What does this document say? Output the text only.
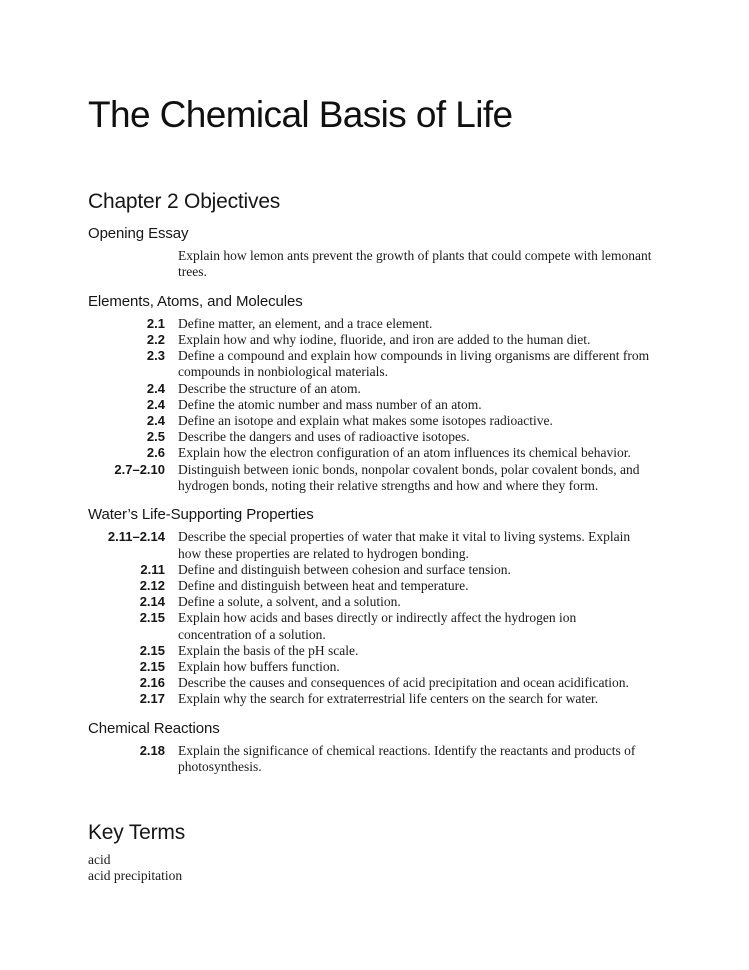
The Chemical Basis of Life
Chapter 2 Objectives
Opening Essay
Explain how lemon ants prevent the growth of plants that could compete with lemonant trees.
Elements, Atoms, and Molecules
2.1 Define matter, an element, and a trace element.
2.2 Explain how and why iodine, fluoride, and iron are added to the human diet.
2.3 Define a compound and explain how compounds in living organisms are different from compounds in nonbiological materials.
2.4 Describe the structure of an atom.
2.4 Define the atomic number and mass number of an atom.
2.4 Define an isotope and explain what makes some isotopes radioactive.
2.5 Describe the dangers and uses of radioactive isotopes.
2.6 Explain how the electron configuration of an atom influences its chemical behavior.
2.7–2.10 Distinguish between ionic bonds, nonpolar covalent bonds, polar covalent bonds, and hydrogen bonds, noting their relative strengths and how and where they form.
Water’s Life-Supporting Properties
2.11–2.14 Describe the special properties of water that make it vital to living systems. Explain how these properties are related to hydrogen bonding.
2.11 Define and distinguish between cohesion and surface tension.
2.12 Define and distinguish between heat and temperature.
2.14 Define a solute, a solvent, and a solution.
2.15 Explain how acids and bases directly or indirectly affect the hydrogen ion concentration of a solution.
2.15 Explain the basis of the pH scale.
2.15 Explain how buffers function.
2.16 Describe the causes and consequences of acid precipitation and ocean acidification.
2.17 Explain why the search for extraterrestrial life centers on the search for water.
Chemical Reactions
2.18 Explain the significance of chemical reactions. Identify the reactants and products of photosynthesis.
Key Terms
acid
acid precipitation
